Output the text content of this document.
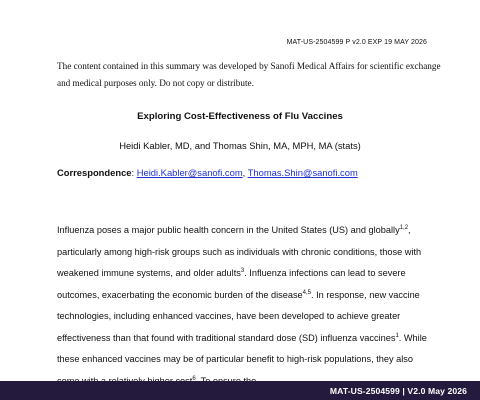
MAT-US-2504599 P v2.0 EXP 19 MAY 2026
The content contained in this summary was developed by Sanofi Medical Affairs for scientific exchange and medical purposes only. Do not copy or distribute.
Exploring Cost-Effectiveness of Flu Vaccines
Heidi Kabler, MD, and Thomas Shin, MA, MPH, MA (stats)
Correspondence: Heidi.Kabler@sanofi.com, Thomas.Shin@sanofi.com
Influenza poses a major public health concern in the United States (US) and globally$^{1,2}$, particularly among high-risk groups such as individuals with chronic conditions, those with weakened immune systems, and older adults$^3$. Influenza infections can lead to severe outcomes, exacerbating the economic burden of the disease$^{4,5}$. In response, new vaccine technologies, including enhanced vaccines, have been developed to achieve greater effectiveness than that found with traditional standard dose (SD) influenza vaccines$^1$. While these enhanced vaccines may be of particular benefit to high-risk populations, they also $^6$
MAT-US-2504599 | V2.0 May 2026
